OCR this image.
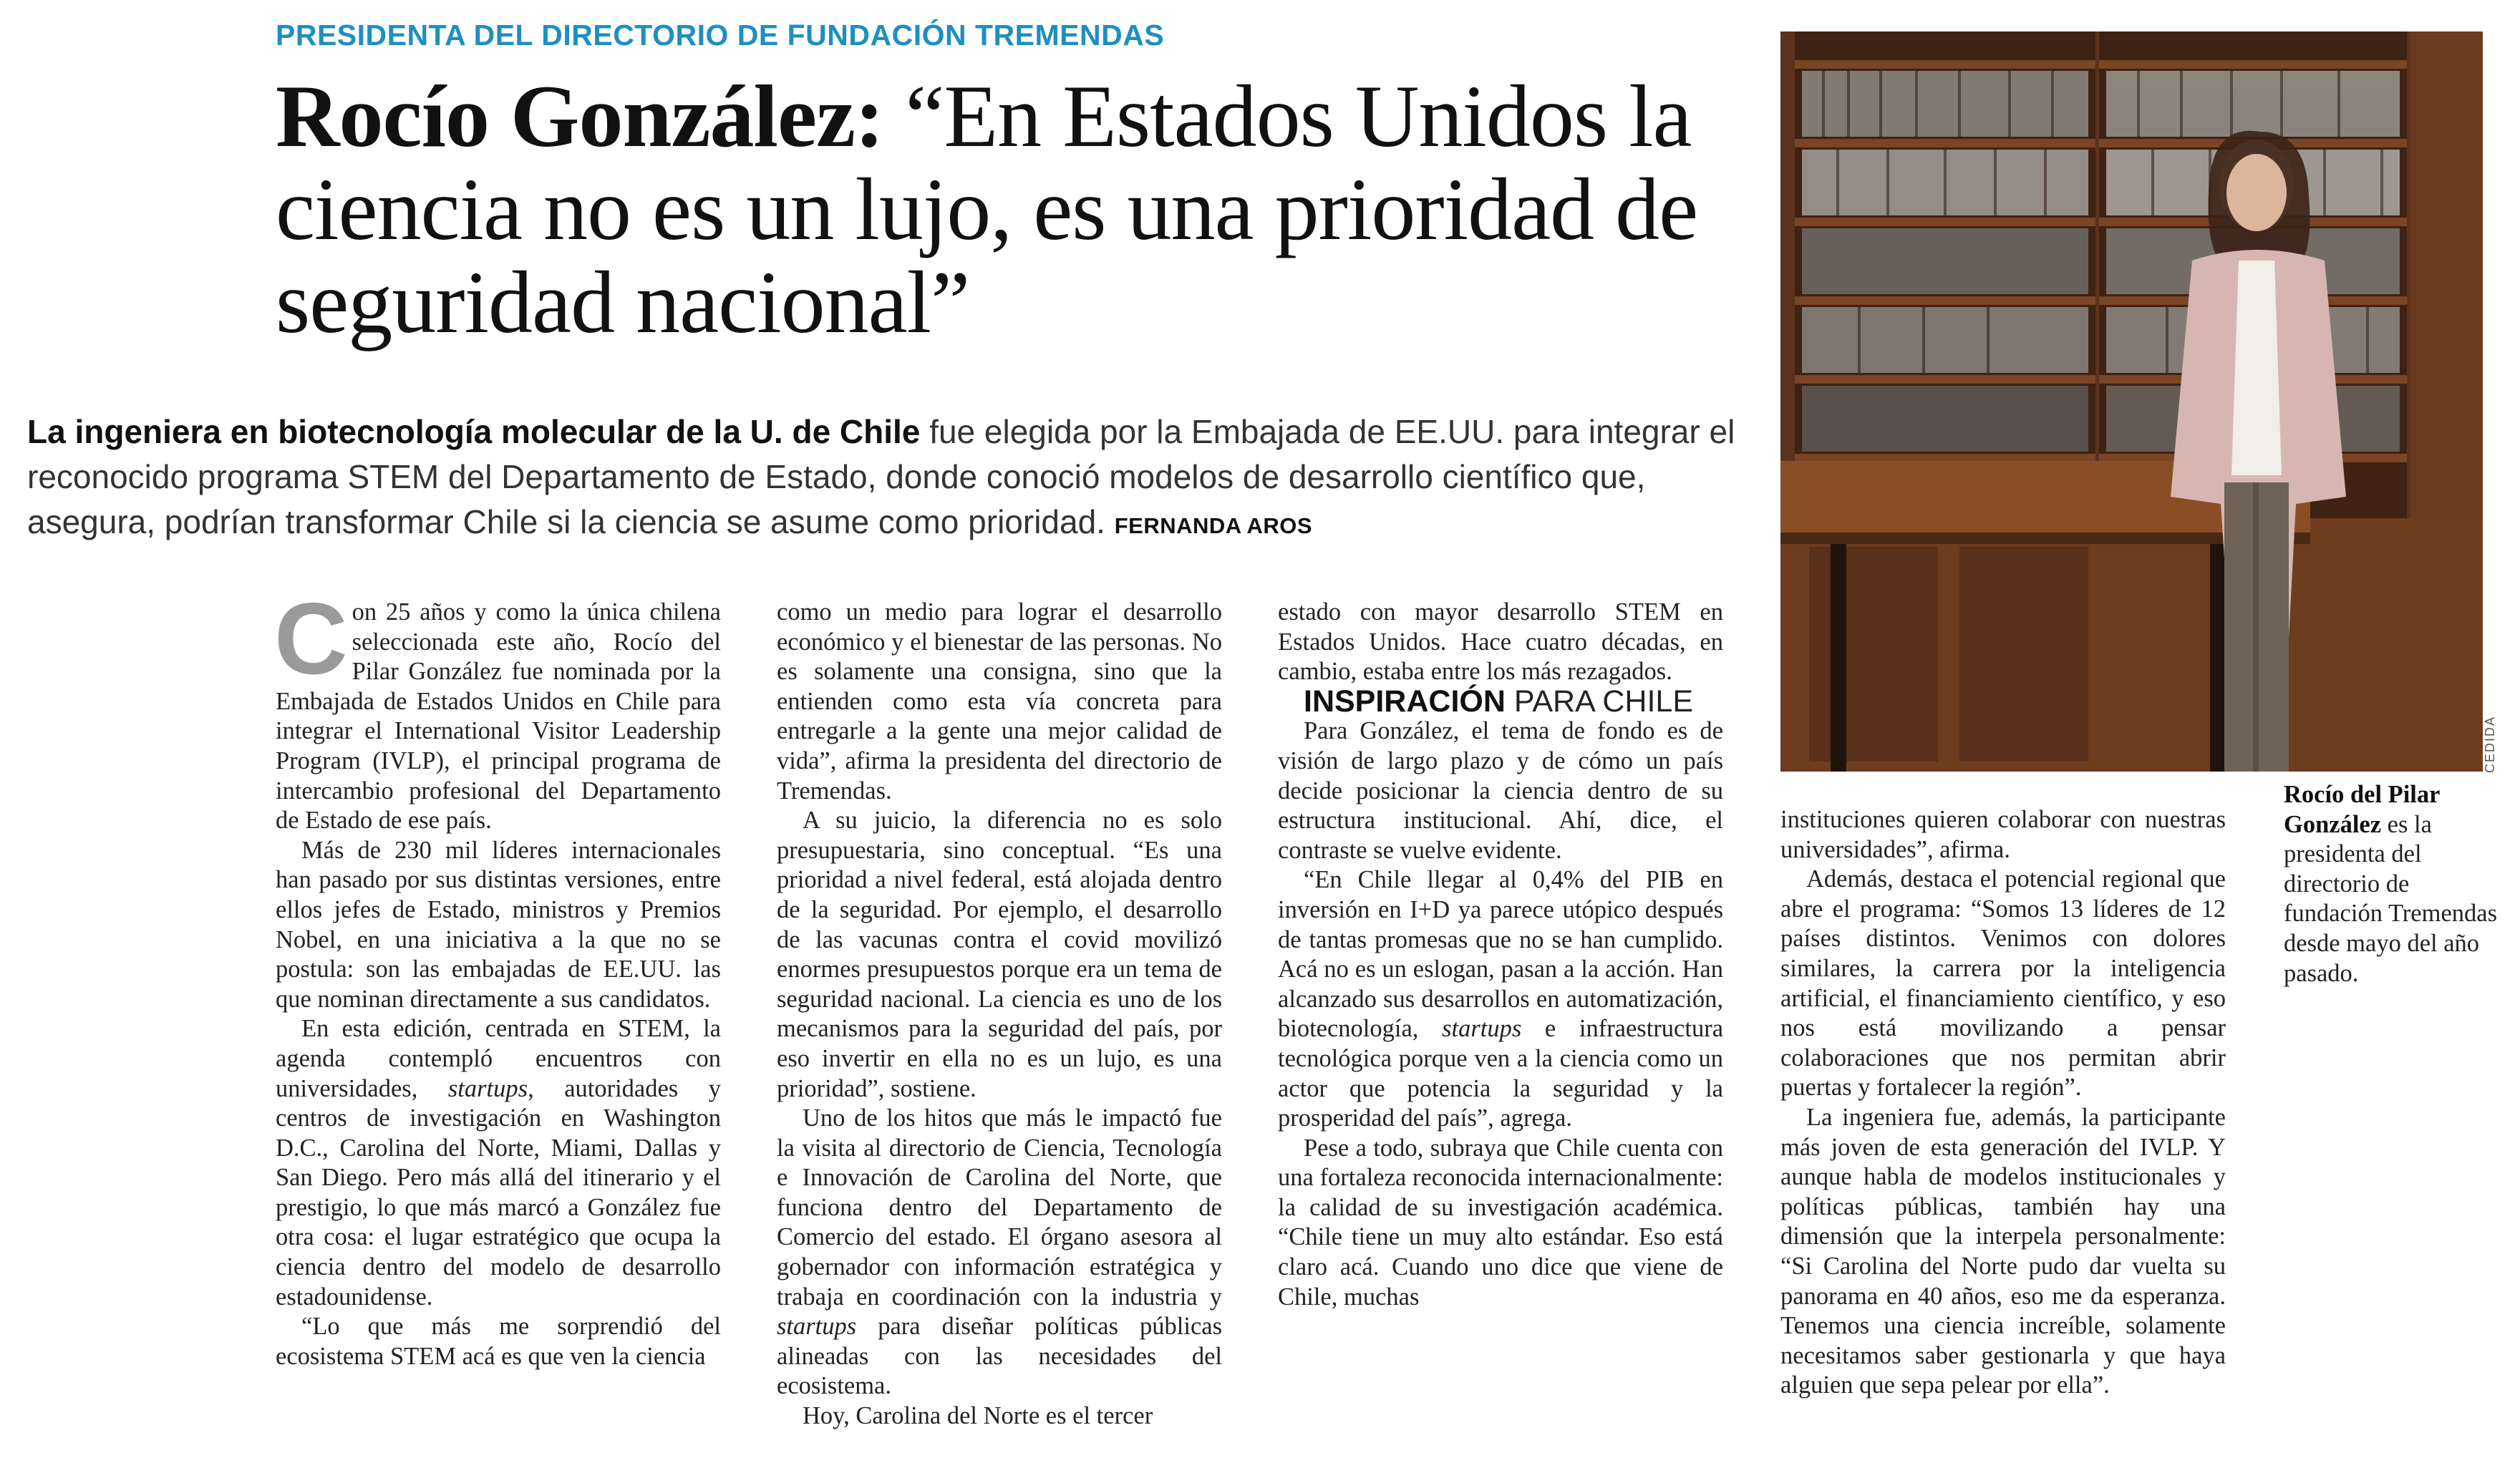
PRESIDENTA DEL DIRECTORIO DE FUNDACIÓN TREMENDAS
Rocío González: “En Estados Unidos la ciencia no es un lujo, es una prioridad de seguridad nacional”
La ingeniera en biotecnología molecular de la U. de Chile fue elegida por la Embajada de EE.UU. para integrar el reconocido programa STEM del Departamento de Estado, donde conoció modelos de desarrollo científico que, asegura, podrían transformar Chile si la ciencia se asume como prioridad. FERNANDA AROS
CEDIDA
Rocío del Pilar González es la presidenta del directorio de fundación Tremendas desde mayo del año pasado.

Con 25 años y como la única chilena seleccionada este año, Rocío del Pilar González fue nominada por la Embajada de Estados Unidos en Chile para integrar el International Visitor Leadership Program (IVLP), el principal programa de intercambio profesional del Departamento de Estado de ese país.

Más de 230 mil líderes internacionales han pasado por sus distintas versiones, entre ellos jefes de Estado, ministros y Premios Nobel, en una iniciativa a la que no se postula: son las embajadas de EE.UU. las que nominan directamente a sus candidatos.

En esta edición, centrada en STEM, la agenda contempló encuentros con universidades, startups, autoridades y centros de investigación en Washington D.C., Carolina del Norte, Miami, Dallas y San Diego. Pero más allá del itinerario y el prestigio, lo que más marcó a González fue otra cosa: el lugar estratégico que ocupa la ciencia dentro del modelo de desarrollo estadounidense.

“Lo que más me sorprendió del ecosistema STEM acá es que ven la ciencia

como un medio para lograr el desarrollo económico y el bienestar de las personas. No es solamente una consigna, sino que la entienden como esta vía concreta para entregarle a la gente una mejor calidad de vida”, afirma la presidenta del directorio de Tremendas.

A su juicio, la diferencia no es solo presupuestaria, sino conceptual. “Es una prioridad a nivel federal, está alojada dentro de la seguridad. Por ejemplo, el desarrollo de las vacunas contra el covid movilizó enormes presupuestos porque era un tema de seguridad nacional. La ciencia es uno de los mecanismos para la seguridad del país, por eso invertir en ella no es un lujo, es una prioridad”, sostiene.

Uno de los hitos que más le impactó fue la visita al directorio de Ciencia, Tecnología e Innovación de Carolina del Norte, que funciona dentro del Departamento de Comercio del estado. El órgano asesora al gobernador con información estratégica y trabaja en coordinación con la industria y startups para diseñar políticas públicas alineadas con las necesidades del ecosistema.

Hoy, Carolina del Norte es el tercer

estado con mayor desarrollo STEM en Estados Unidos. Hace cuatro décadas, en cambio, estaba entre los más rezagados.

INSPIRACIÓN PARA CHILE

Para González, el tema de fondo es de visión de largo plazo y de cómo un país decide posicionar la ciencia dentro de su estructura institucional. Ahí, dice, el contraste se vuelve evidente.

“En Chile llegar al 0,4% del PIB en inversión en I+D ya parece utópico después de tantas promesas que no se han cumplido. Acá no es un eslogan, pasan a la acción. Han alcanzado sus desarrollos en automatización, biotecnología, startups e infraestructura tecnológica porque ven a la ciencia como un actor que potencia la seguridad y la prosperidad del país”, agrega.

Pese a todo, subraya que Chile cuenta con una fortaleza reconocida internacionalmente: la calidad de su investigación académica. “Chile tiene un muy alto estándar. Eso está claro acá. Cuando uno dice que viene de Chile, muchas

instituciones quieren colaborar con nuestras universidades”, afirma.

Además, destaca el potencial regional que abre el programa: “Somos 13 líderes de 12 países distintos. Venimos con dolores similares, la carrera por la inteligencia artificial, el financiamiento científico, y eso nos está movilizando a pensar colaboraciones que nos permitan abrir puertas y fortalecer la región”.

La ingeniera fue, además, la participante más joven de esta generación del IVLP. Y aunque habla de modelos institucionales y políticas públicas, también hay una dimensión que la interpela personalmente: “Si Carolina del Norte pudo dar vuelta su panorama en 40 años, eso me da esperanza. Tenemos una ciencia increíble, solamente necesitamos saber gestionarla y que haya alguien que sepa pelear por ella”.
